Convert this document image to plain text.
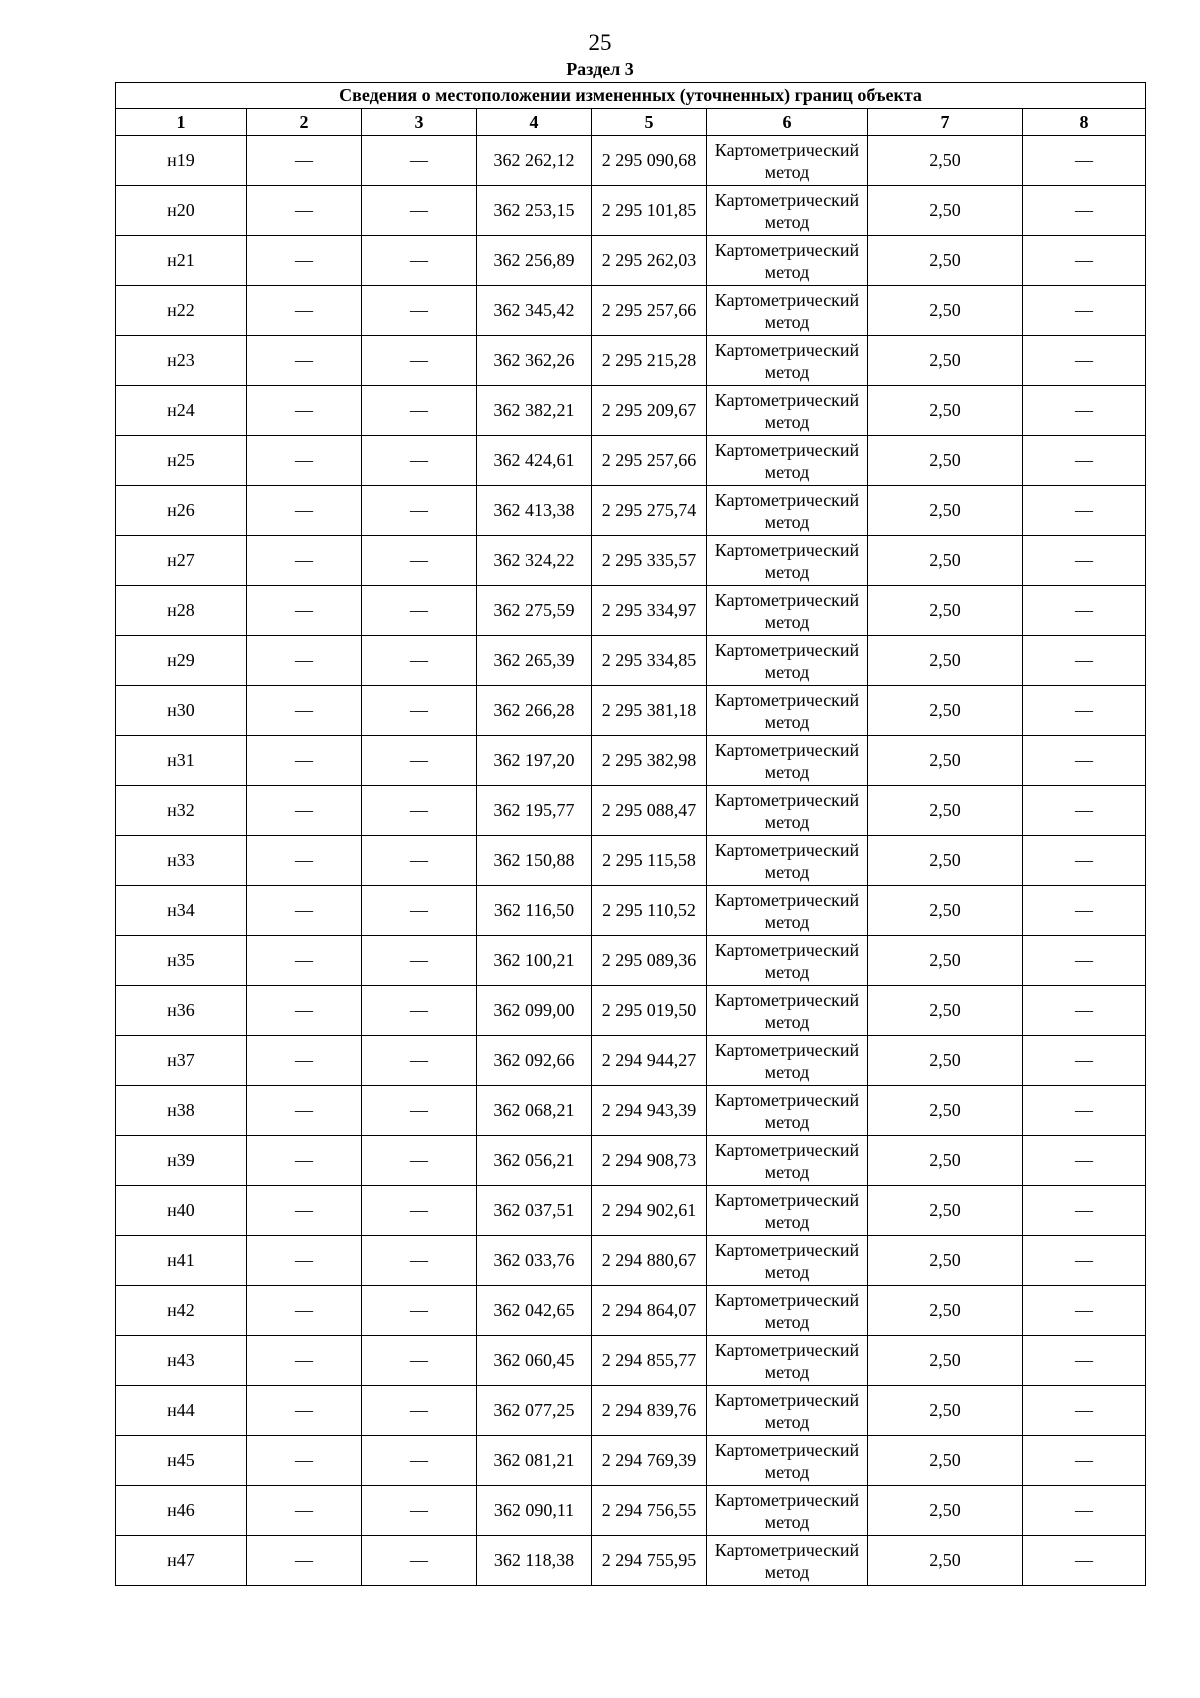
25
Раздел 3
Сведения о местоположении измененных (уточненных) границ объекта							
1	2	3	4	5	6	7	8
н19	—	—	362 262,12	2 295 090,68	Картометрический метод	2,50	—
н20	—	—	362 253,15	2 295 101,85	Картометрический метод	2,50	—
н21	—	—	362 256,89	2 295 262,03	Картометрический метод	2,50	—
н22	—	—	362 345,42	2 295 257,66	Картометрический метод	2,50	—
н23	—	—	362 362,26	2 295 215,28	Картометрический метод	2,50	—
н24	—	—	362 382,21	2 295 209,67	Картометрический метод	2,50	—
н25	—	—	362 424,61	2 295 257,66	Картометрический метод	2,50	—
н26	—	—	362 413,38	2 295 275,74	Картометрический метод	2,50	—
н27	—	—	362 324,22	2 295 335,57	Картометрический метод	2,50	—
н28	—	—	362 275,59	2 295 334,97	Картометрический метод	2,50	—
н29	—	—	362 265,39	2 295 334,85	Картометрический метод	2,50	—
н30	—	—	362 266,28	2 295 381,18	Картометрический метод	2,50	—
н31	—	—	362 197,20	2 295 382,98	Картометрический метод	2,50	—
н32	—	—	362 195,77	2 295 088,47	Картометрический метод	2,50	—
н33	—	—	362 150,88	2 295 115,58	Картометрический метод	2,50	—
н34	—	—	362 116,50	2 295 110,52	Картометрический метод	2,50	—
н35	—	—	362 100,21	2 295 089,36	Картометрический метод	2,50	—
н36	—	—	362 099,00	2 295 019,50	Картометрический метод	2,50	—
н37	—	—	362 092,66	2 294 944,27	Картометрический метод	2,50	—
н38	—	—	362 068,21	2 294 943,39	Картометрический метод	2,50	—
н39	—	—	362 056,21	2 294 908,73	Картометрический метод	2,50	—
н40	—	—	362 037,51	2 294 902,61	Картометрический метод	2,50	—
н41	—	—	362 033,76	2 294 880,67	Картометрический метод	2,50	—
н42	—	—	362 042,65	2 294 864,07	Картометрический метод	2,50	—
н43	—	—	362 060,45	2 294 855,77	Картометрический метод	2,50	—
н44	—	—	362 077,25	2 294 839,76	Картометрический метод	2,50	—
н45	—	—	362 081,21	2 294 769,39	Картометрический метод	2,50	—
н46	—	—	362 090,11	2 294 756,55	Картометрический метод	2,50	—
н47	—	—	362 118,38	2 294 755,95	Картометрический метод	2,50	—
